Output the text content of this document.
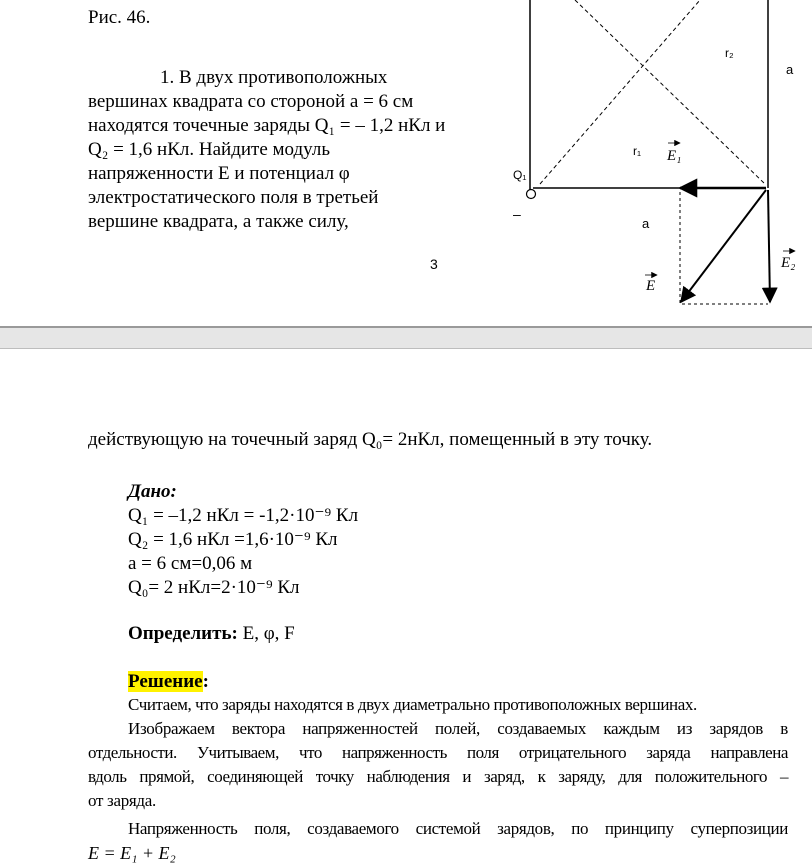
Рис. 46.
1. В двух противоположных
вершинах квадрата со стороной a = 6 см
находятся точечные заряды Q₁ = – 1,2 нКл и
Q₂ = 1,6 нКл. Найдите модуль
напряженности E и потенциал φ
электростатического поля в третьей
вершине квадрата, а также силу,
3
r₂
a
r₁ E₁
Q₁
–
a
E₂
E
действующую на точечный заряд Q₀= 2нКл, помещенный в эту точку.
Дано:
Q₁ = –1,2 нКл = -1,2·10⁻⁹ Кл
Q₂ = 1,6 нКл =1,6·10⁻⁹ Кл
a = 6 см=0,06 м
Q₀= 2 нКл=2·10⁻⁹ Кл
Определить: E, φ, F
Решение:
Считаем, что заряды находятся в двух диаметрально противоположных вершинах.
Изображаем вектора напряженностей полей, создаваемых каждым из зарядов в
отдельности. Учитываем, что напряженность поля отрицательного заряда направлена
вдоль прямой, соединяющей точку наблюдения и заряд, к заряду, для положительного –
от заряда.
Напряженность поля, создаваемого системой зарядов, по принципу суперпозиции
E = E₁ + E₂
